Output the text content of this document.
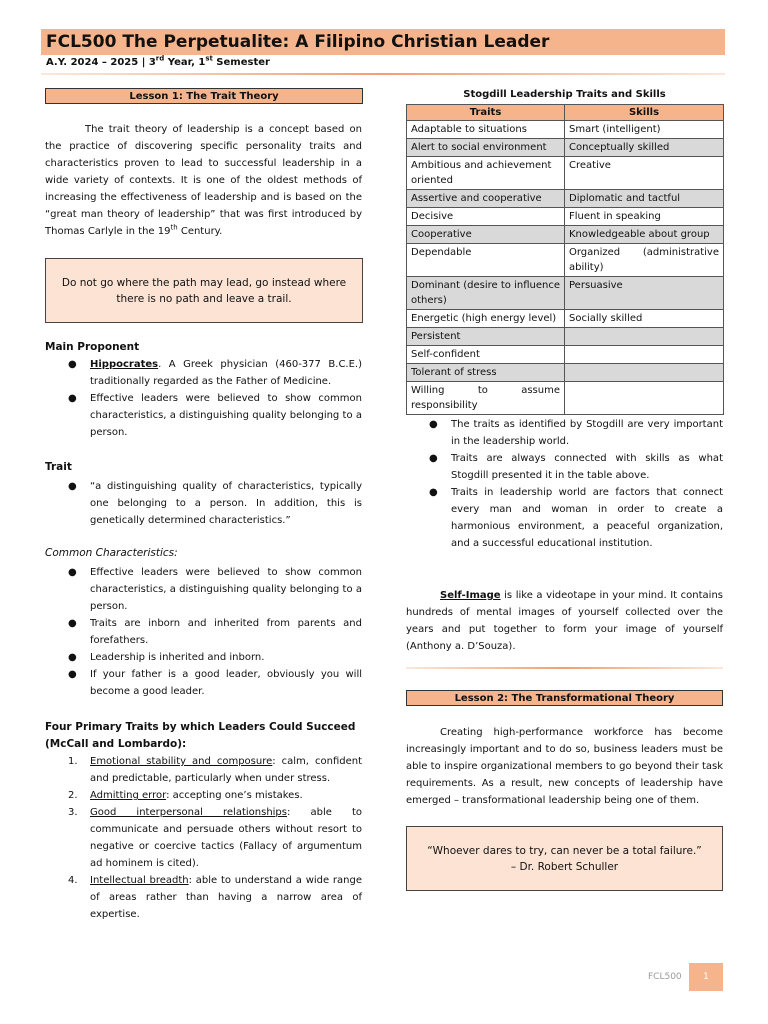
FCL500 The Perpetualite: A Filipino Christian Leader
A.Y. 2024 – 2025 | 3rd Year, 1st Semester
Lesson 1: The Trait Theory
The trait theory of leadership is a concept based on the practice of discovering specific personality traits and characteristics proven to lead to successful leadership in a wide variety of contexts. It is one of the oldest methods of increasing the effectiveness of leadership and is based on the “great man theory of leadership” that was first introduced by Thomas Carlyle in the 19th Century.
Do not go where the path may lead, go instead where there is no path and leave a trail.
Main Proponent
● Hippocrates. A Greek physician (460-377 B.C.E.) traditionally regarded as the Father of Medicine.
● Effective leaders were believed to show common characteristics, a distinguishing quality belonging to a person.
Trait
● “a distinguishing quality of characteristics, typically one belonging to a person. In addition, this is genetically determined characteristics.”
Common Characteristics:
● Effective leaders were believed to show common characteristics, a distinguishing quality belonging to a person.
● Traits are inborn and inherited from parents and forefathers.
● Leadership is inherited and inborn.
● If your father is a good leader, obviously you will become a good leader.
Four Primary Traits by which Leaders Could Succeed (McCall and Lombardo):
1. Emotional stability and composure: calm, confident and predictable, particularly when under stress.
2. Admitting error: accepting one’s mistakes.
3. Good interpersonal relationships: able to communicate and persuade others without resort to negative or coercive tactics (Fallacy of argumentum ad hominem is cited).
4. Intellectual breadth: able to understand a wide range of areas rather than having a narrow area of expertise.
Stogdill Leadership Traits and Skills
Traits	Skills
Adaptable to situations	Smart (intelligent)
Alert to social environment	Conceptually skilled
Ambitious and achievement oriented	Creative
Assertive and cooperative	Diplomatic and tactful
Decisive	Fluent in speaking
Cooperative	Knowledgeable about group
Dependable	Organized (administrative ability)
Dominant (desire to influence others)	Persuasive
Energetic (high energy level)	Socially skilled
Persistent	
Self-confident	
Tolerant of stress	
Willing to assume responsibility	
● The traits as identified by Stogdill are very important in the leadership world.
● Traits are always connected with skills as what Stogdill presented it in the table above.
● Traits in leadership world are factors that connect every man and woman in order to create a harmonious environment, a peaceful organization, and a successful educational institution.
Self-Image is like a videotape in your mind. It contains hundreds of mental images of yourself collected over the years and put together to form your image of yourself (Anthony a. D’Souza).
Lesson 2: The Transformational Theory
Creating high-performance workforce has become increasingly important and to do so, business leaders must be able to inspire organizational members to go beyond their task requirements. As a result, new concepts of leadership have emerged – transformational leadership being one of them.
“Whoever dares to try, can never be a total failure.”
– Dr. Robert Schuller
FCL500	1
